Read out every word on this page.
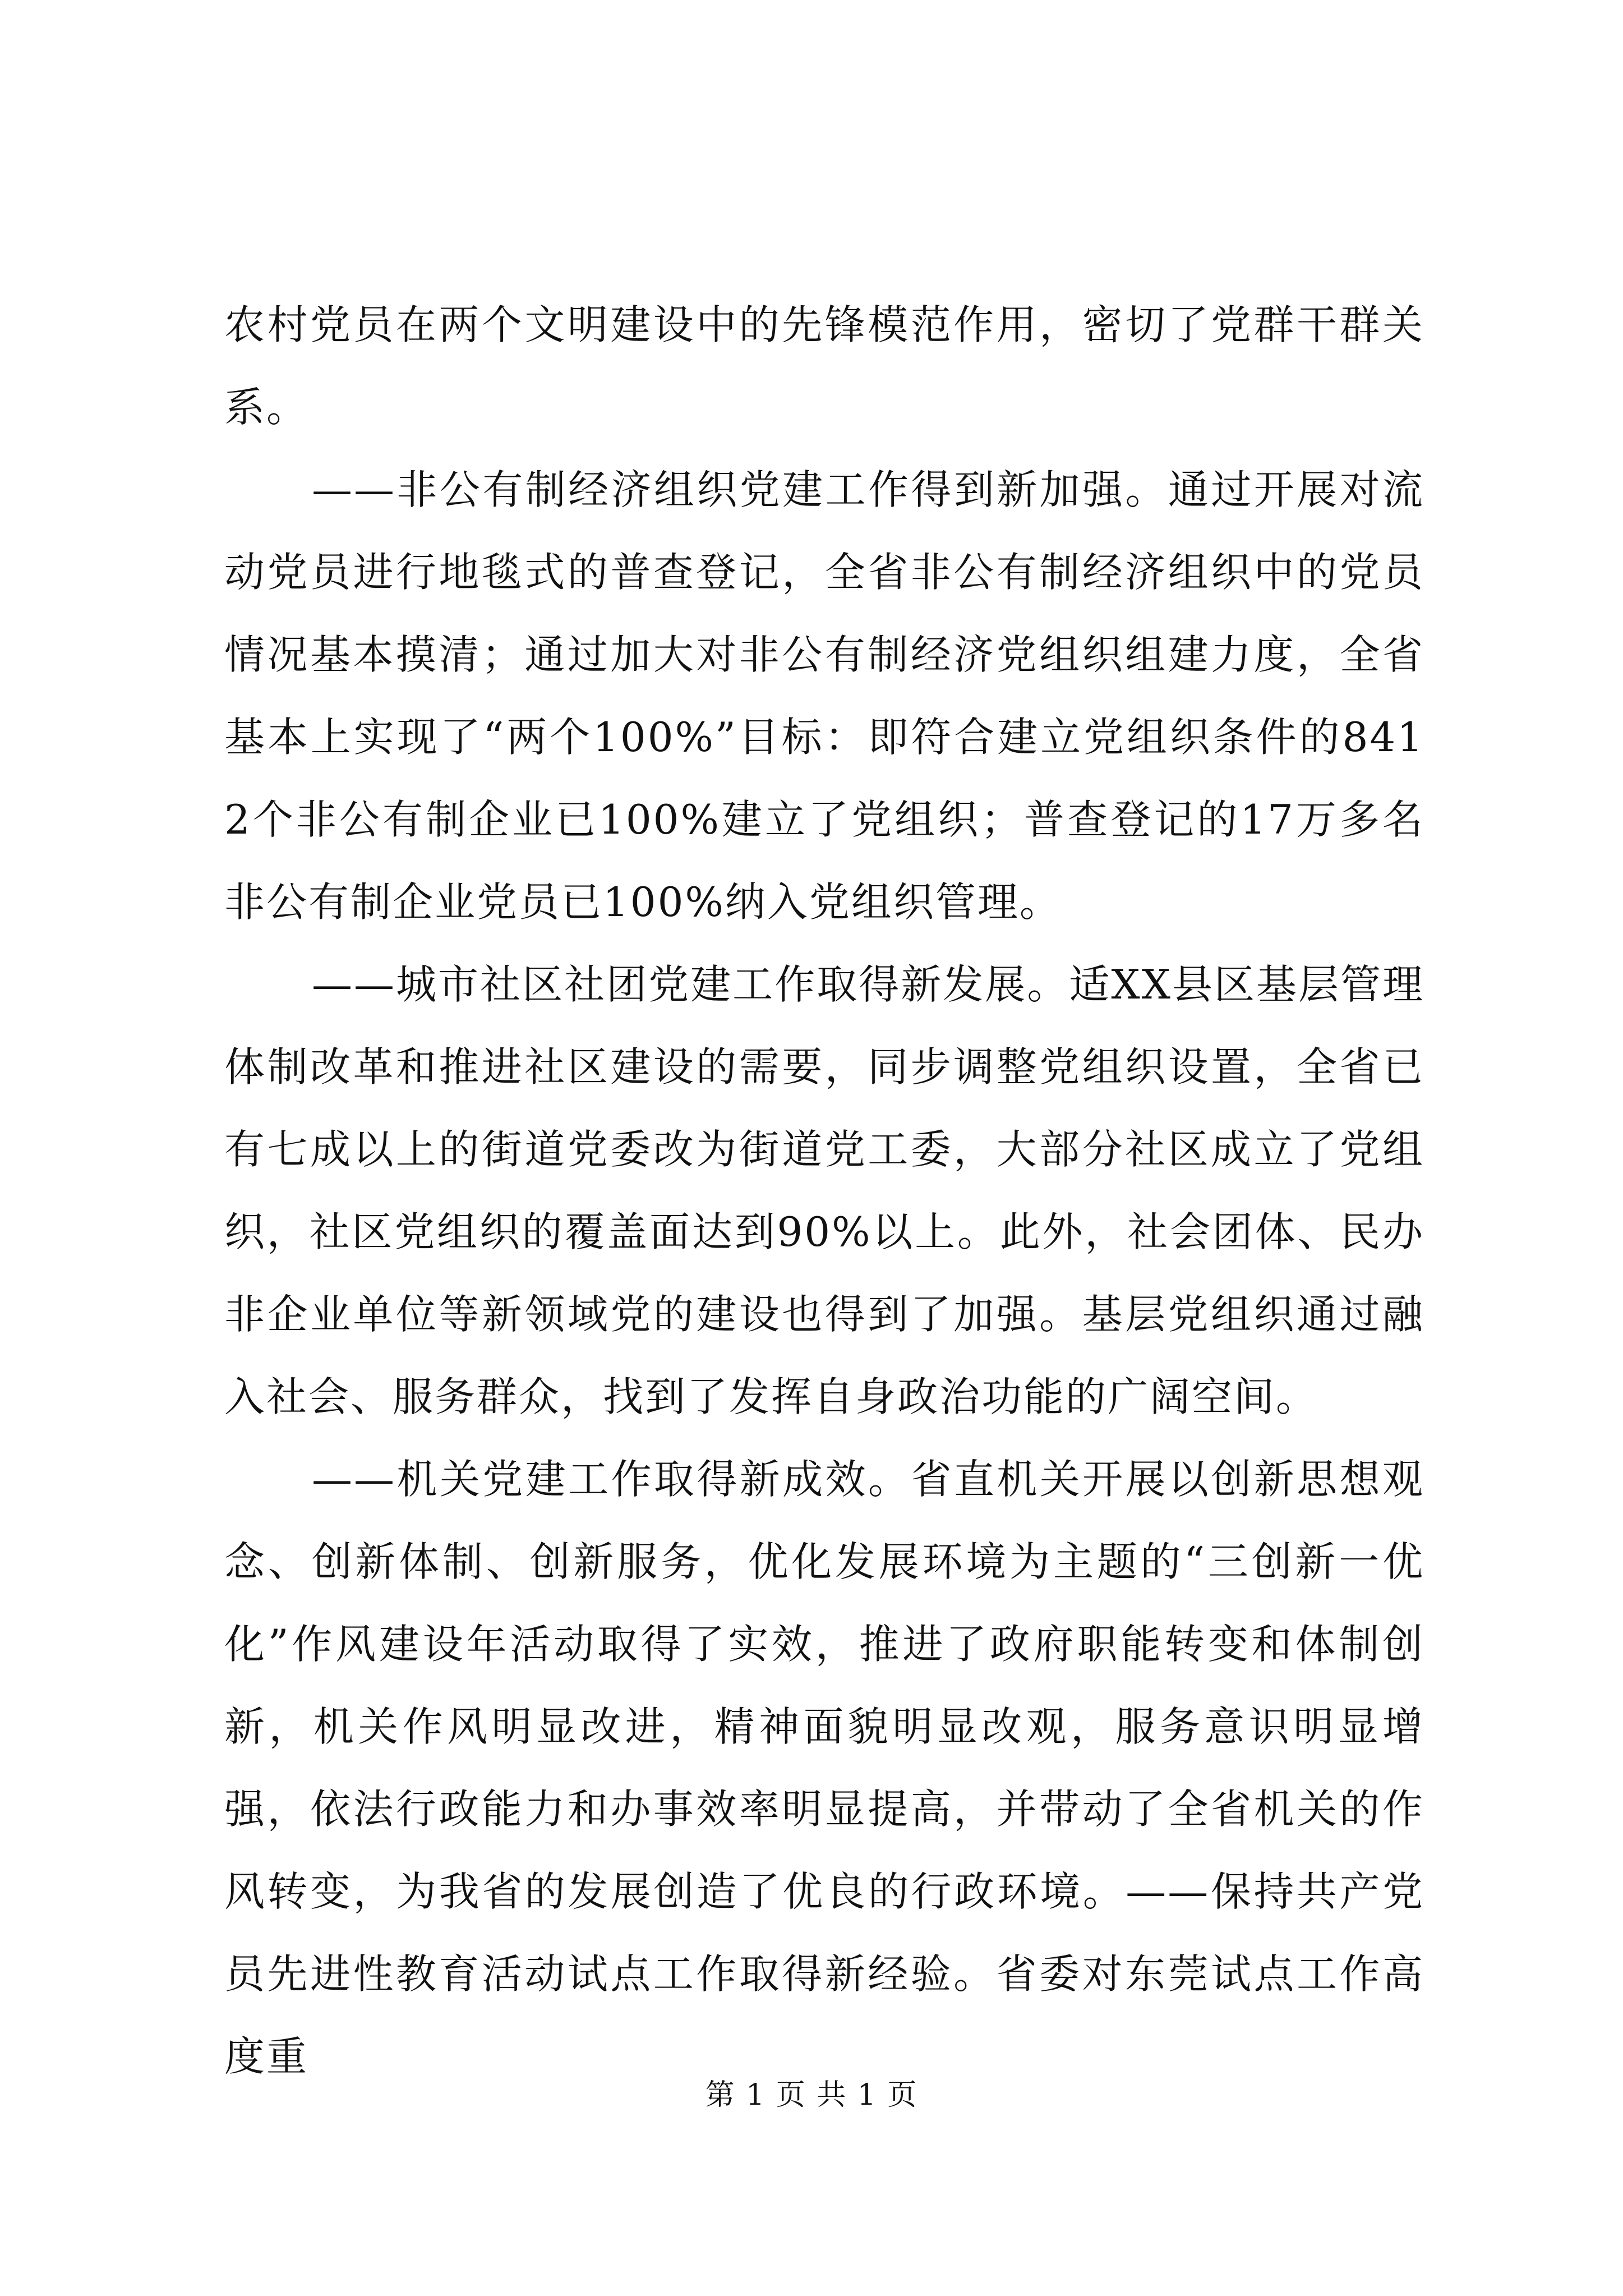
农村党员在两个文明建设中的先锋模范作用，密切了党群干群关系。

——非公有制经济组织党建工作得到新加强。通过开展对流动党员进行地毯式的普查登记，全省非公有制经济组织中的党员情况基本摸清；通过加大对非公有制经济党组织组建力度，全省基本上实现了“两个100%”目标：即符合建立党组织条件的8412个非公有制企业已100%建立了党组织；普查登记的17万多名非公有制企业党员已100%纳入党组织管理。

——城市社区社团党建工作取得新发展。适XX县区基层管理体制改革和推进社区建设的需要，同步调整党组织设置，全省已有七成以上的街道党委改为街道党工委，大部分社区成立了党组织，社区党组织的覆盖面达到90%以上。此外，社会团体、民办非企业单位等新领域党的建设也得到了加强。基层党组织通过融入社会、服务群众，找到了发挥自身政治功能的广阔空间。

——机关党建工作取得新成效。省直机关开展以创新思想观念、创新体制、创新服务，优化发展环境为主题的“三创新一优化”作风建设年活动取得了实效，推进了政府职能转变和体制创新，机关作风明显改进，精神面貌明显改观，服务意识明显增强，依法行政能力和办事效率明显提高，并带动了全省机关的作风转变，为我省的发展创造了优良的行政环境。——保持共产党员先进性教育活动试点工作取得新经验。省委对东莞试点工作高度重

第 1 页 共 1 页
